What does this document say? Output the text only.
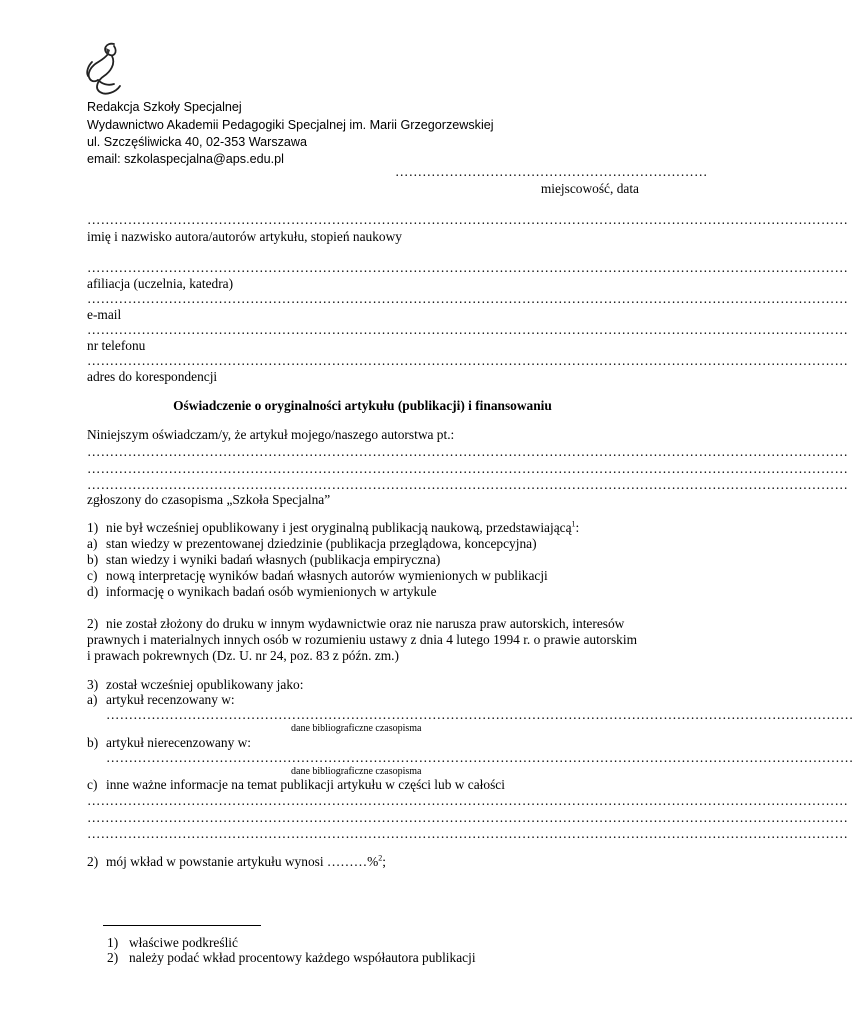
Redakcja Szkoły Specjalnej
Wydawnictwo Akademii Pedagogiki Specjalnej im. Marii Grzegorzewskiej
ul. Szczęśliwicka 40, 02-353 Warszawa
email: szkolaspecjalna@aps.edu.pl
……………………………………………………………
miejscowość, data
……………………………………………………………………………………………………………………………………………………
imię i nazwisko autora/autorów artykułu, stopień naukowy
……………………………………………………………………………………………………………………………………………………
afiliacja (uczelnia, katedra)
……………………………………………………………………………………………………………………………………………………
e-mail
……………………………………………………………………………………………………………………………………………………
nr telefonu
……………………………………………………………………………………………………………………………………………………
adres do korespondencji
Oświadczenie o oryginalności artykułu (publikacji) i finansowaniu
Niniejszym oświadczam/y, że artykuł mojego/naszego autorstwa pt.:
……………………………………………………………………………………………………………………………………………………
……………………………………………………………………………………………………………………………………………………
……………………………………………………………………………………………………………………………………………………
zgłoszony do czasopisma „Szkoła Specjalna”
1) nie był wcześniej opublikowany i jest oryginalną publikacją naukową, przedstawiającą$^1$:
a) stan wiedzy w prezentowanej dziedzinie (publikacja przeglądowa, koncepcyjna)
b) stan wiedzy i wyniki badań własnych (publikacja empiryczna)
c) nową interpretację wyników badań własnych autorów wymienionych w publikacji
d) informację o wynikach badań osób wymienionych w artykule
2) nie został złożony do druku w innym wydawnictwie oraz nie narusza praw autorskich, interesów
prawnych i materialnych innych osób w rozumieniu ustawy z dnia 4 lutego 1994 r. o prawie autorskim
i prawach pokrewnych (Dz. U. nr 24, poz. 83 z późn. zm.)
3) został wcześniej opublikowany jako:
a) artykuł recenzowany w:
…………………………………………………………………………………………………………………………………………………
dane bibliograficzne czasopisma
b) artykuł nierecenzowany w:
…………………………………………………………………………………………………………………………………………………
dane bibliograficzne czasopisma
c) inne ważne informacje na temat publikacji artykułu w części lub w całości
……………………………………………………………………………………………………………………………………………………
……………………………………………………………………………………………………………………………………………………
……………………………………………………………………………………………………………………………………………………
2) mój wkład w powstanie artykułu wynosi ………%$^2$;
1) właściwe podkreślić
2) należy podać wkład procentowy każdego współautora publikacji
